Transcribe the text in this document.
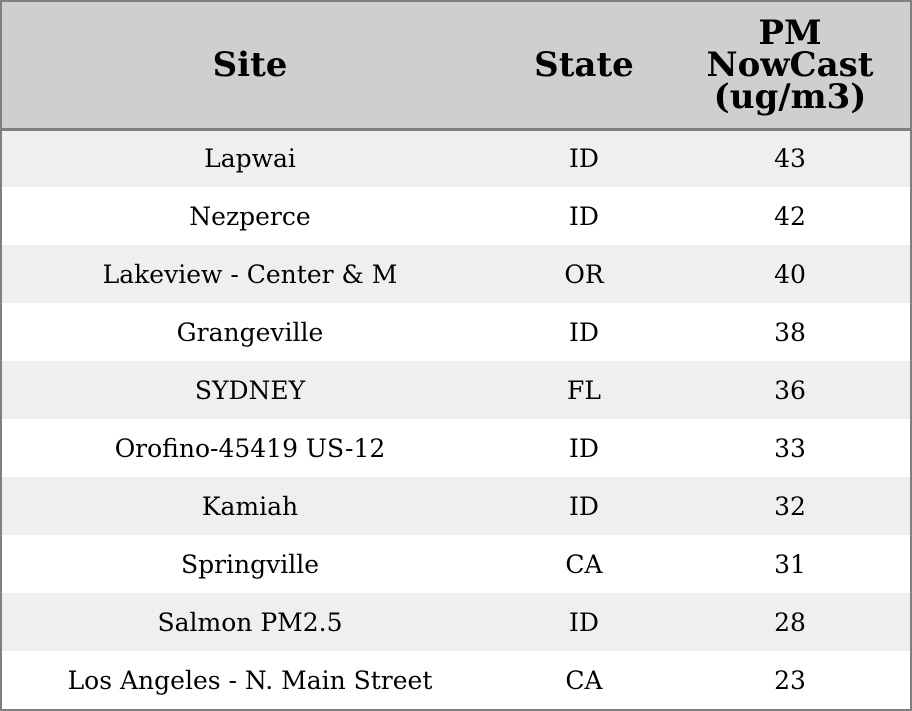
Site	State	PM
NowCast
(ug/m3)
Lapwai	ID	43
Nezperce	ID	42
Lakeview - Center & M	OR	40
Grangeville	ID	38
SYDNEY	FL	36
Orofino-45419 US-12	ID	33
Kamiah	ID	32
Springville	CA	31
Salmon PM2.5	ID	28
Los Angeles - N. Main Street	CA	23
